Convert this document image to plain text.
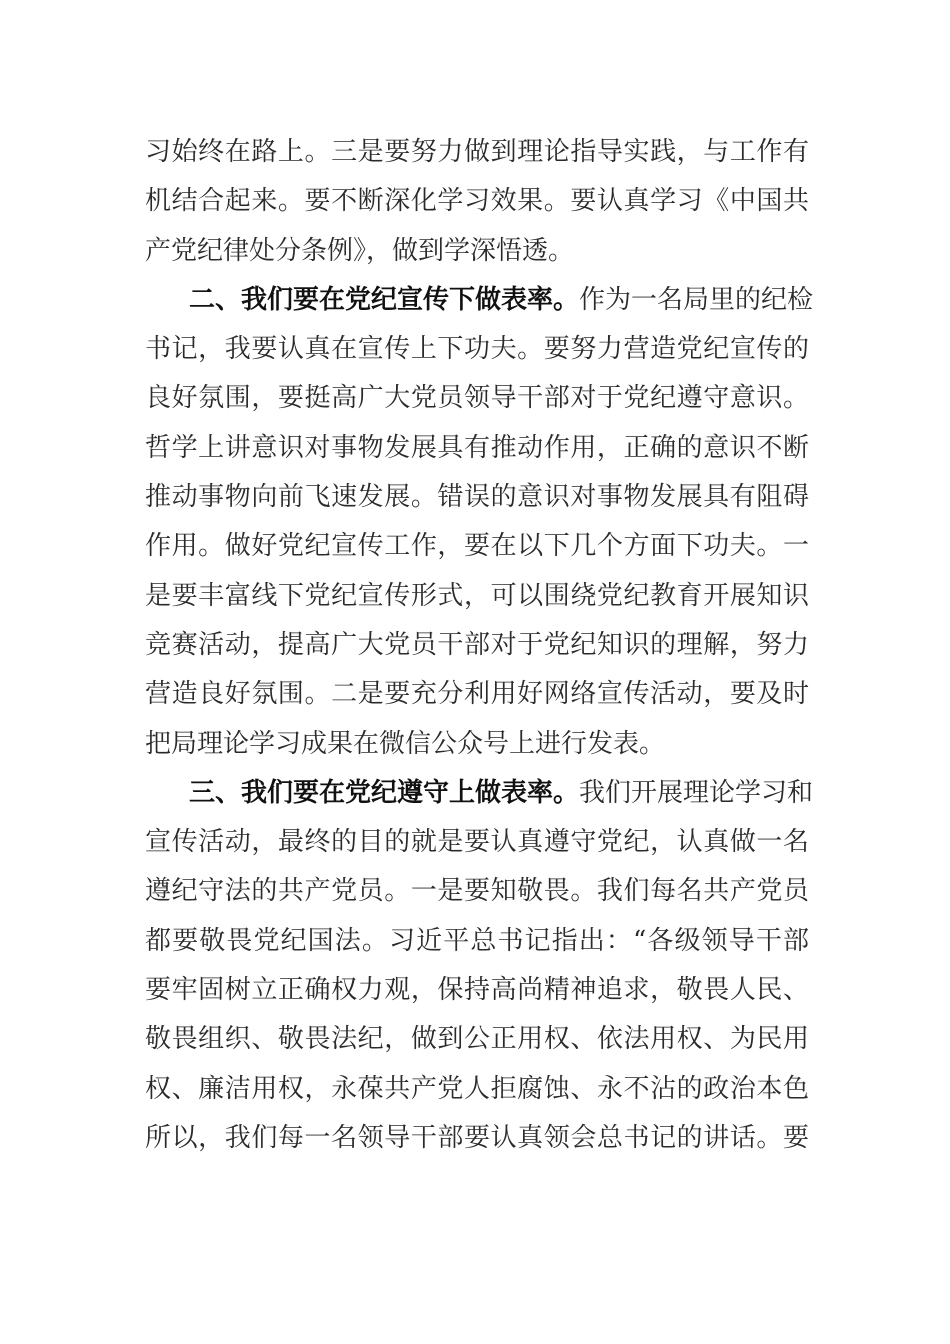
习始终在路上。三是要努力做到理论指导实践，与工作有
机结合起来。要不断深化学习效果。要认真学习《中国共
产党纪律处分条例》，做到学深悟透。
二、我们要在党纪宣传下做表率。作为一名局里的纪检
书记，我要认真在宣传上下功夫。要努力营造党纪宣传的
良好氛围，要挺高广大党员领导干部对于党纪遵守意识。
哲学上讲意识对事物发展具有推动作用，正确的意识不断
推动事物向前飞速发展。错误的意识对事物发展具有阻碍
作用。做好党纪宣传工作，要在以下几个方面下功夫。一
是要丰富线下党纪宣传形式，可以围绕党纪教育开展知识
竞赛活动，提高广大党员干部对于党纪知识的理解，努力
营造良好氛围。二是要充分利用好网络宣传活动，要及时
把局理论学习成果在微信公众号上进行发表。
三、我们要在党纪遵守上做表率。我们开展理论学习和
宣传活动，最终的目的就是要认真遵守党纪，认真做一名
遵纪守法的共产党员。一是要知敬畏。我们每名共产党员
都要敬畏党纪国法。习近平总书记指出：“各级领导干部
要牢固树立正确权力观，保持高尚精神追求，敬畏人民、
敬畏组织、敬畏法纪，做到公正用权、依法用权、为民用
权、廉洁用权，永葆共产党人拒腐蚀、永不沾的政治本色
所以，我们每一名领导干部要认真领会总书记的讲话。要
